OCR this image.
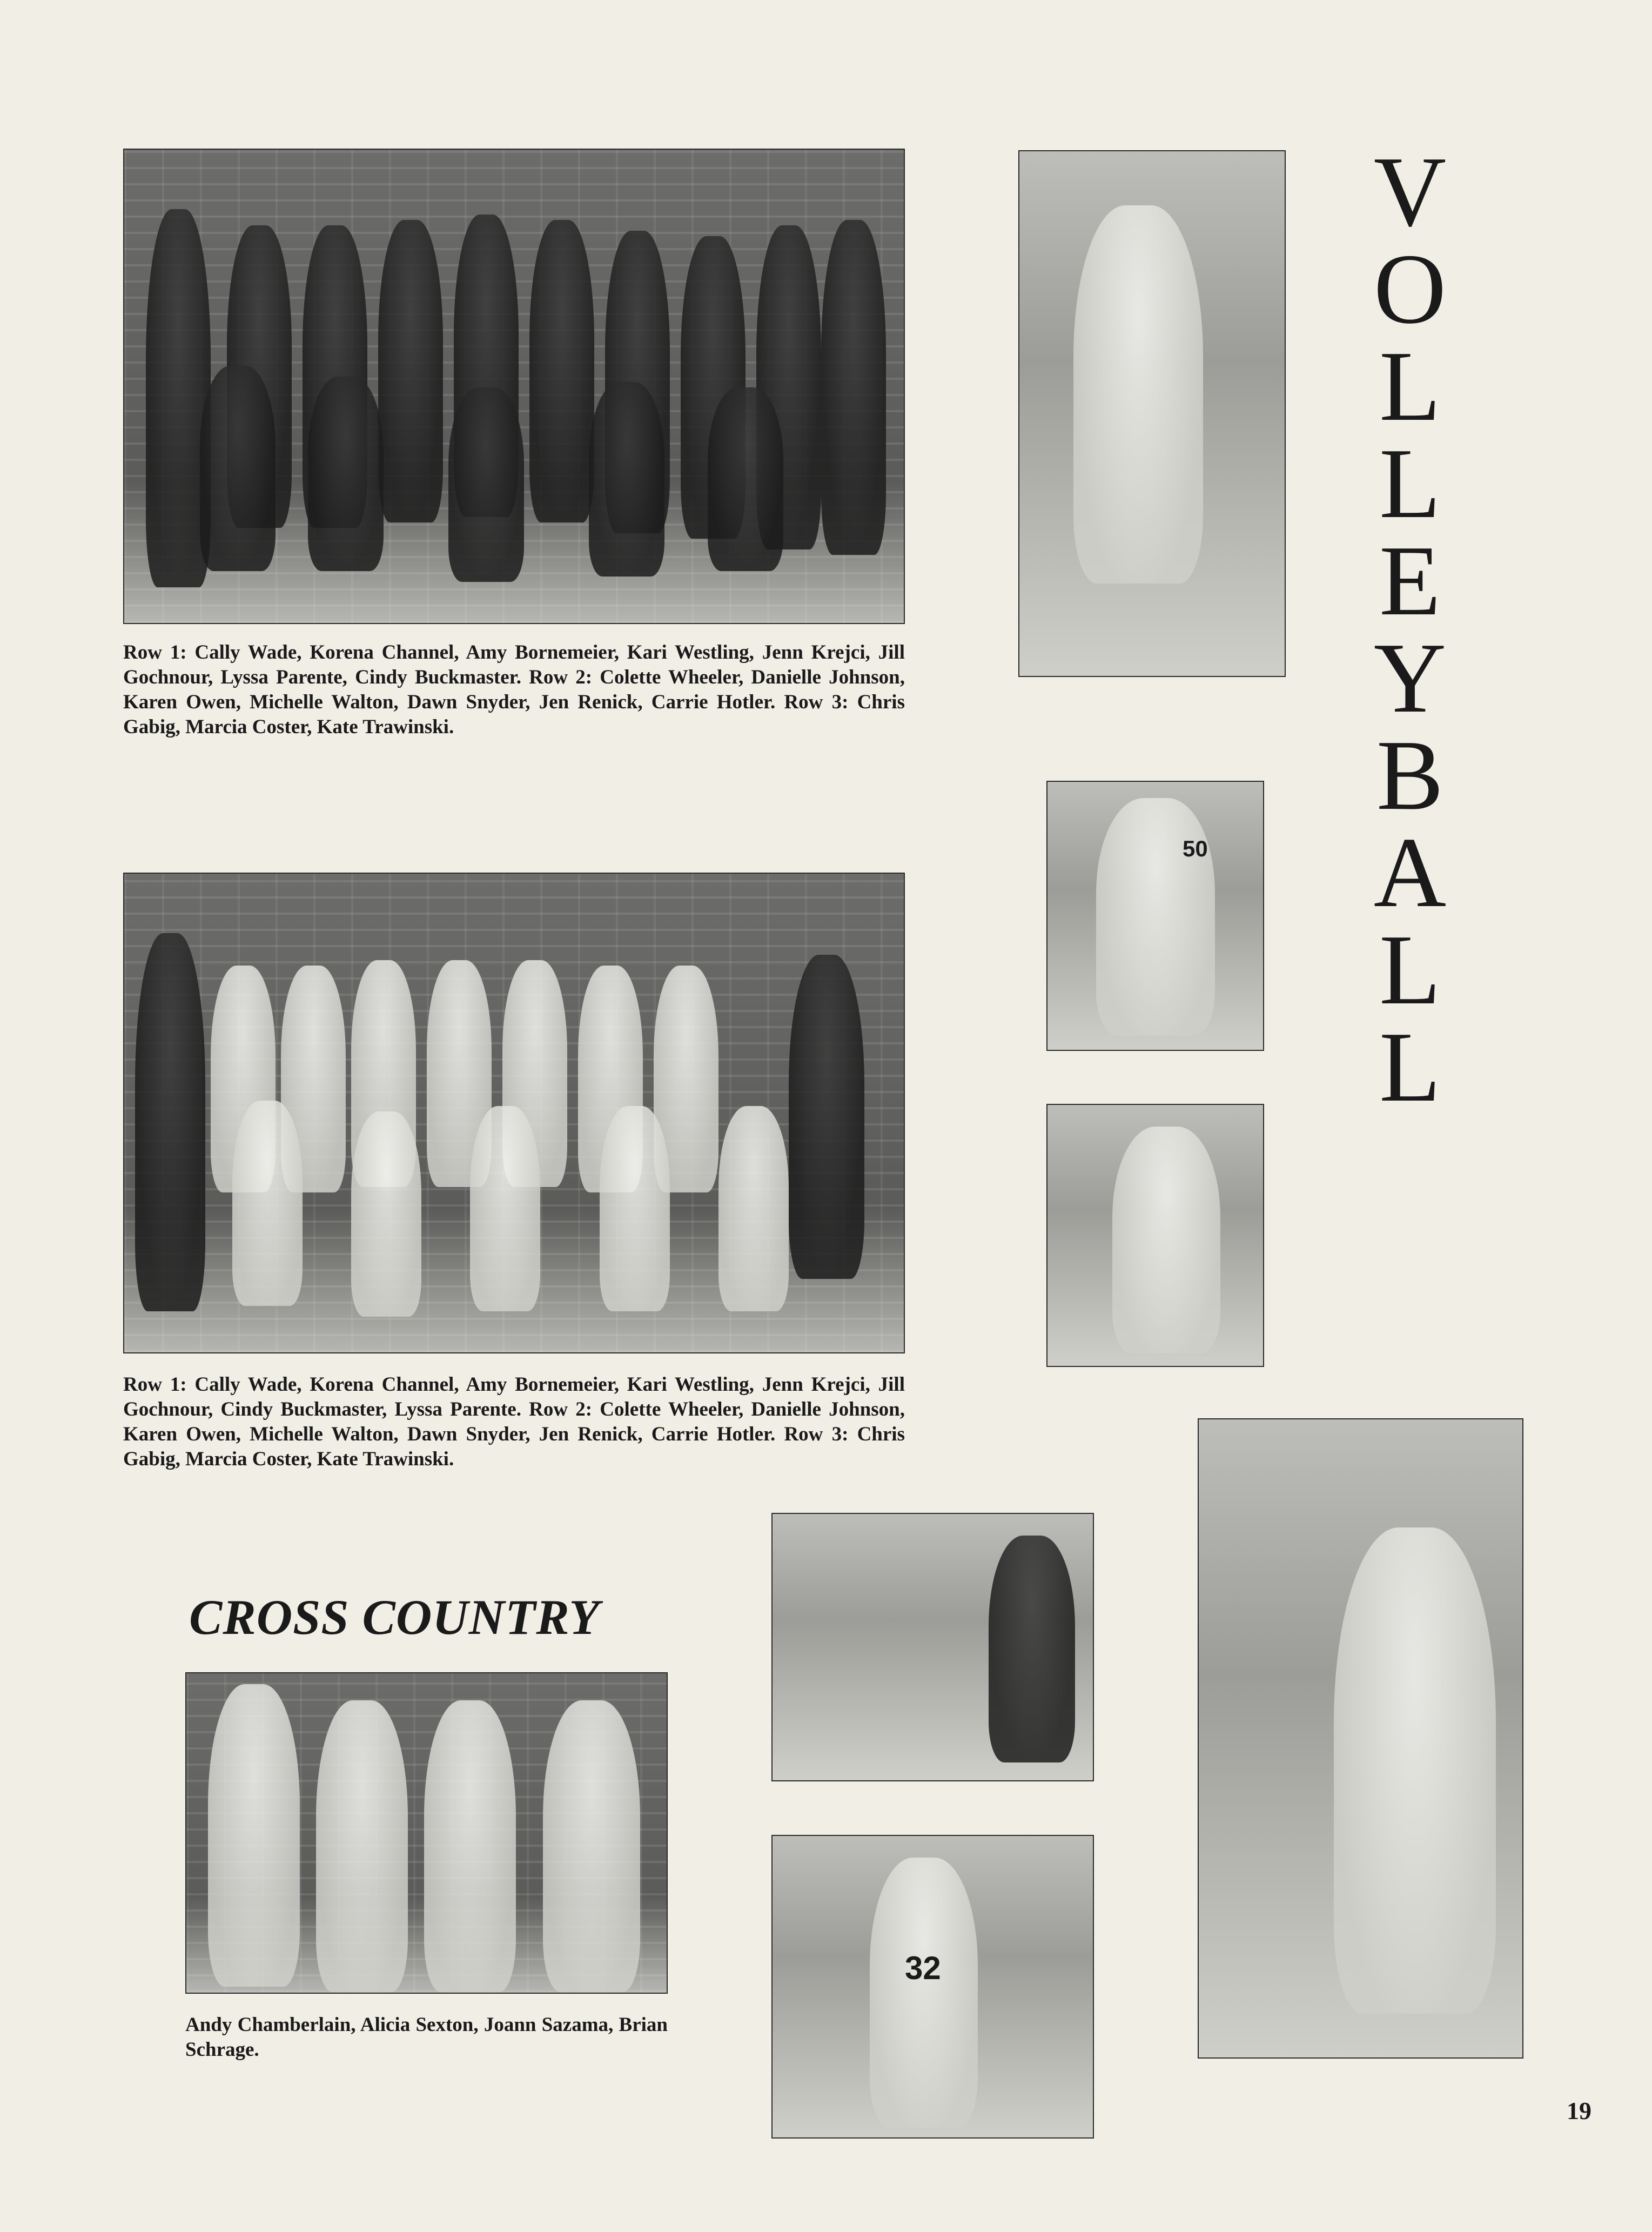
Row 1: Cally Wade, Korena Channel, Amy Bornemeier, Kari Westling, Jenn Krejci, Jill Gochnour, Lyssa Parente, Cindy Buckmaster. Row 2: Colette Wheeler, Danielle Johnson, Karen Owen, Michelle Walton, Dawn Snyder, Jen Renick, Carrie Hotler. Row 3: Chris Gabig, Marcia Coster, Kate Trawinski.

Row 1: Cally Wade, Korena Channel, Amy Bornemeier, Kari Westling, Jenn Krejci, Jill Gochnour, Cindy Buckmaster, Lyssa Parente. Row 2: Colette Wheeler, Danielle Johnson, Karen Owen, Michelle Walton, Dawn Snyder, Jen Renick, Carrie Hotler. Row 3: Chris Gabig, Marcia Coster, Kate Trawinski.

CROSS COUNTRY

Andy Chamberlain, Alicia Sexton, Joann Sazama, Brian Schrage.

50
32
V
O
L
L
E
Y
B
A
L
L
19
